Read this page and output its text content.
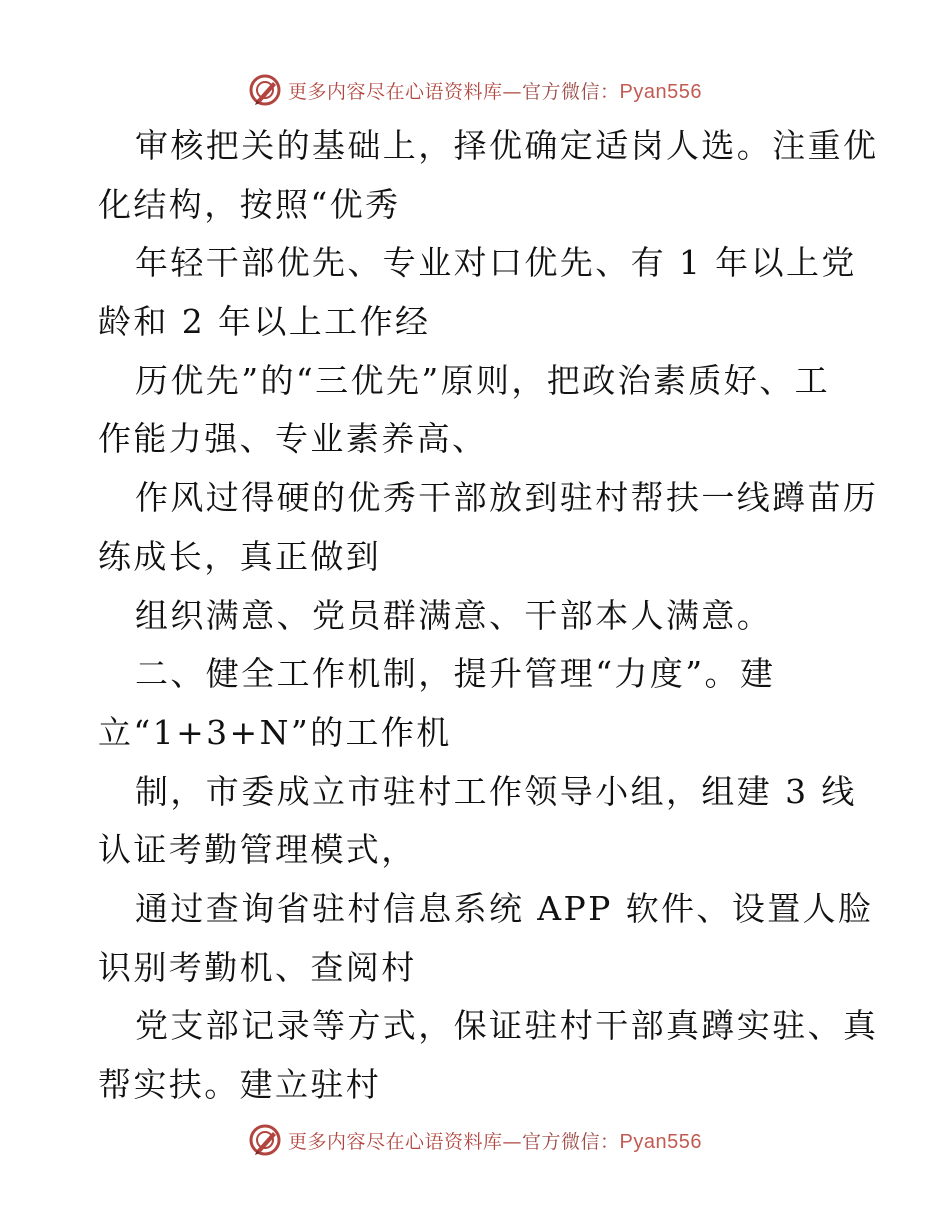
更多内容尽在心语资料库—官方微信：Pyan556
审核把关的基础上，择优确定适岗人选。注重优
化结构，按照“优秀
年轻干部优先、专业对口优先、有 1 年以上党
龄和 2 年以上工作经
历优先”的“三优先”原则，把政治素质好、工
作能力强、专业素养高、
作风过得硬的优秀干部放到驻村帮扶一线蹲苗历
练成长，真正做到
组织满意、党员群满意、干部本人满意。
二、健全工作机制，提升管理“力度”。建
立“1+3+N”的工作机
制，市委成立市驻村工作领导小组，组建 3 线
认证考勤管理模式，
通过查询省驻村信息系统 APP 软件、设置人脸
识别考勤机、查阅村
党支部记录等方式，保证驻村干部真蹲实驻、真
帮实扶。建立驻村
更多内容尽在心语资料库—官方微信：Pyan556
